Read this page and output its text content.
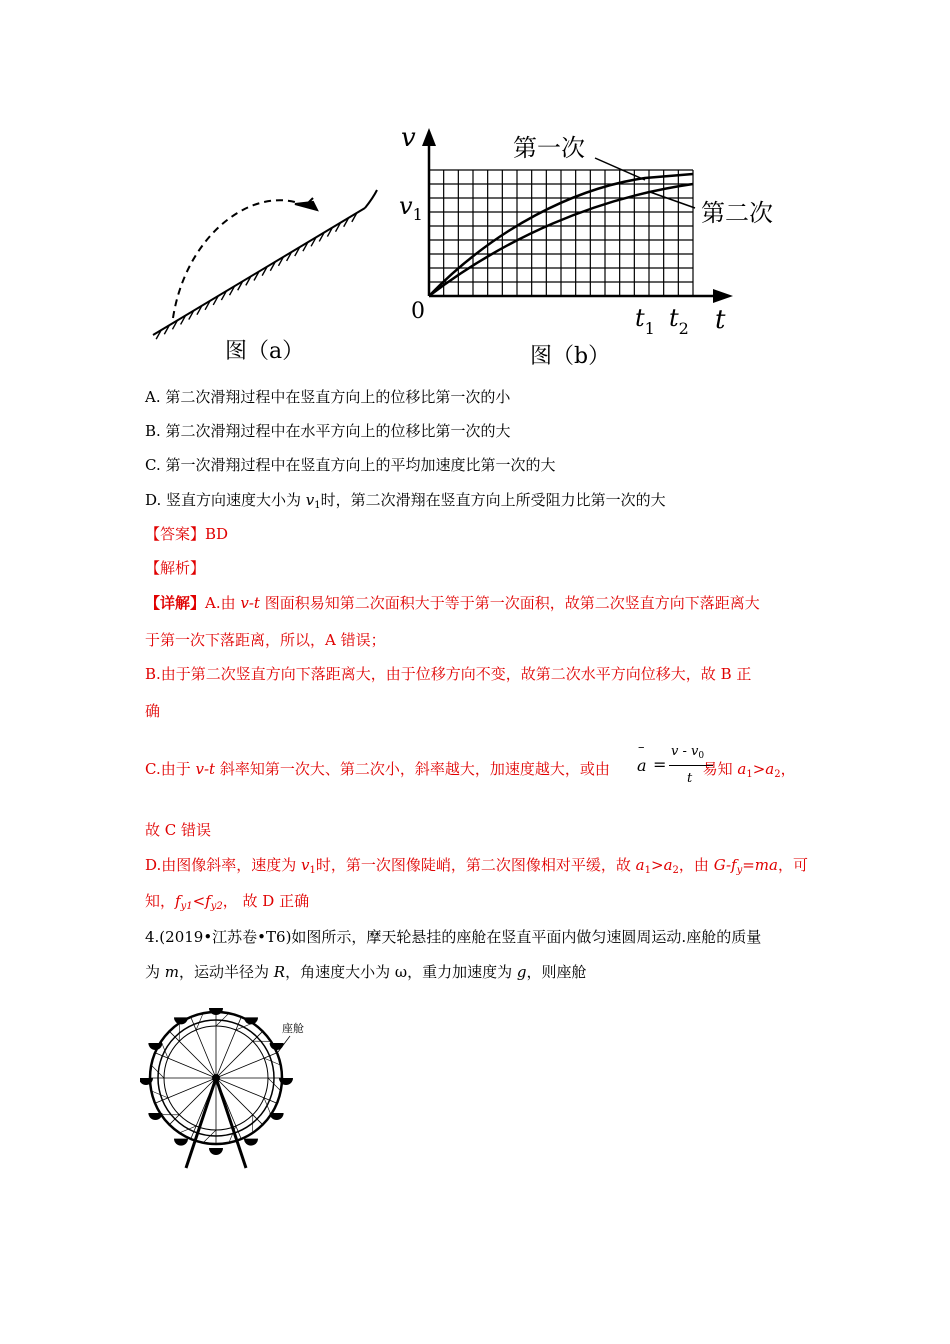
图（a）
第一次
第二次
v
$v_1$
0	$t_1$ $t_2$ t
图（b）
A. 第二次滑翔过程中在竖直方向上的位移比第一次的小
B. 第二次滑翔过程中在水平方向上的位移比第一次的大
C. 第一次滑翔过程中在竖直方向上的平均加速度比第一次的大
D. 竖直方向速度大小为 $v_1$时，第二次滑翔在竖直方向上所受阻力比第一次的大
【答案】BD
【解析】
【详解】A.由 v-t 图面积易知第二次面积大于等于第一次面积，故第二次竖直方向下落距离大
于第一次下落距离，所以，A 错误；
B.由于第二次竖直方向下落距离大，由于位移方向不变，故第二次水平方向位移大，故 B 正
确
C.由于 v-t 斜率知第一次大、第二次小，斜率越大，加速度越大，或由	易知 $a_1>a_2$，
–
a =
v - $v_0$
t
故 C 错误
D.由图像斜率，速度为 $v_1$时，第一次图像陡峭，第二次图像相对平缓，故 $a_1>a_2$，由 $G-f_y=ma$，可
知，$f_{y1}<f_{y2}$， 故 D 正确
4.(2019•江苏卷•T6)如图所示，摩天轮悬挂的座舱在竖直平面内做匀速圆周运动.座舱的质量
为 m，运动半径为 R，角速度大小为 ω，重力加速度为 g，则座舱
座舱
